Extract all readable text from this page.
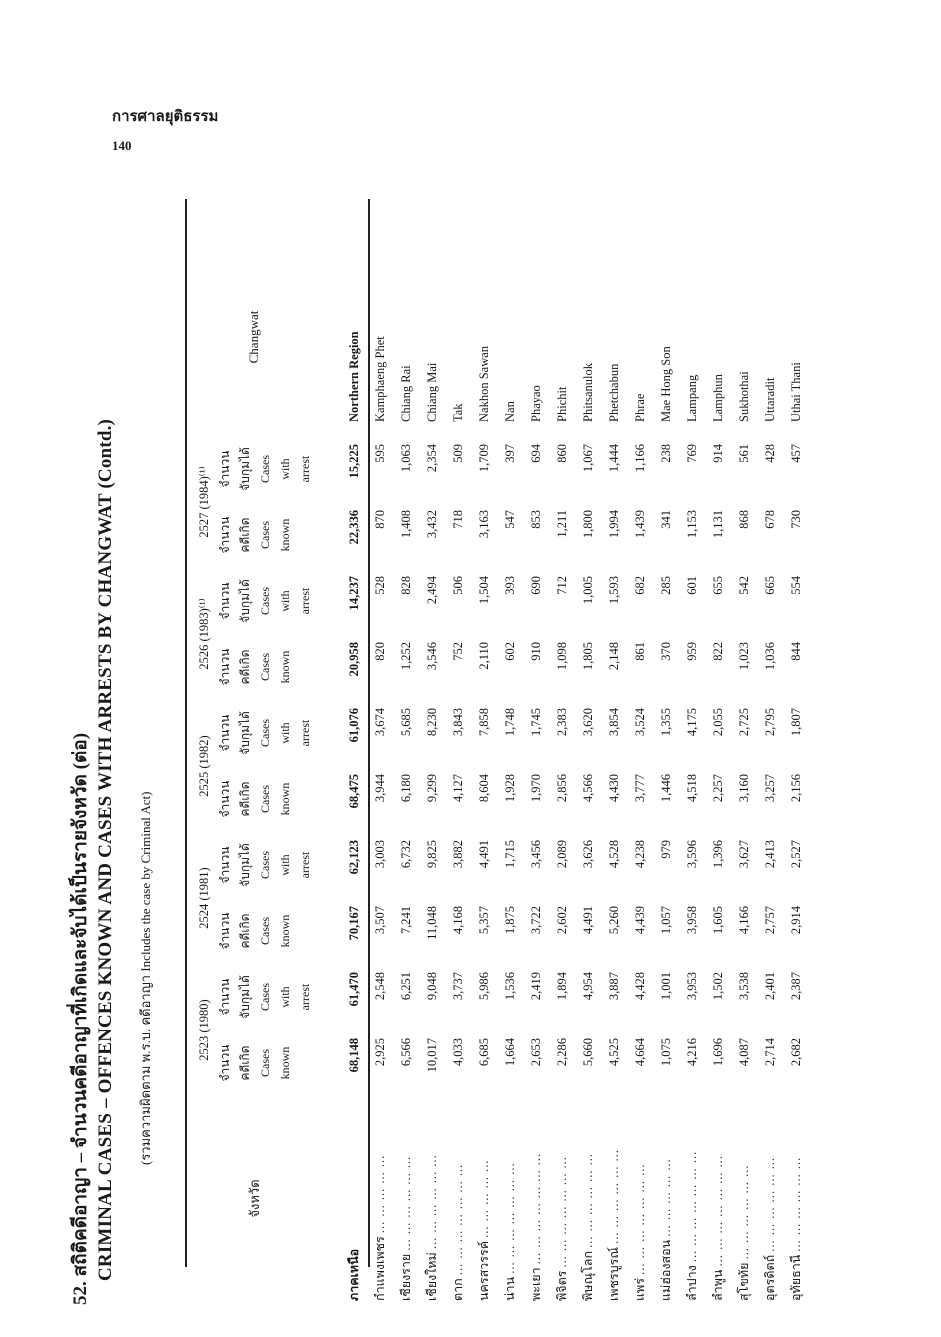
การศาลยุติธรรม
140
52. สถิติคดีอาญา – จำนวนคดีอาญาที่เกิดและจับได้เป็นรายจังหวัด (ต่อ) CRIMINAL CASES – OFFENCES KNOWN AND CASES WITH ARRESTS BY CHANGWAT (Contd.) (รวมความผิดตาม พ.ร.บ. คดีอาญา Includes the case by Criminal Act)
จังหวัด	2523 (1980)		2524 (1981)		2525 (1982)		2526 (1983)⁽¹⁾		2527 (1984)⁽¹⁾		Changwat
	จำนวน	จำนวน	จำนวน	จำนวน	จำนวน	จำนวน	จำนวน	จำนวน	จำนวน	จำนวน	
	คดีเกิด	จับกุมได้	คดีเกิด	จับกุมได้	คดีเกิด	จับกุมได้	คดีเกิด	จับกุมได้	คดีเกิด	จับกุมได้	
	Cases	Cases	Cases	Cases	Cases	Cases	Cases	Cases	Cases	Cases	
	known	with	known	with	known	with	known	with	known	with	
		arrest		arrest		arrest		arrest		arrest	

ภาคเหนือ	68,148	61,470	70,167	62,123	68,475	61,076	20,958	14,237	22,336	15,225	Northern Region
กำแพงเพชร ... ... ... ... ...	2,925	2,548	3,507	3,003	3,944	3,674	820	528	870	595	Kamphaeng Phet
เชียงราย ... ... ... ... ... ...	6,566	6,251	7,241	6,732	6,180	5,685	1,252	828	1,408	1,063	Chiang Rai
เชียงใหม่ ... ... ... ... ... ...	10,017	9,048	11,048	9,825	9,299	8,230	3,546	2,494	3,432	2,354	Chiang Mai
ตาก ... ... ... ... ... ... ...	4,033	3,737	4,168	3,882	4,127	3,843	752	506	718	509	Tak
นครสวรรค์ ... ... ... ... ...	6,685	5,986	5,357	4,491	8,604	7,858	2,110	1,504	3,163	1,709	Nakhon Sawan
น่าน ... ... ... ... ... ... ...	1,664	1,536	1,875	1,715	1,928	1,748	602	393	547	397	Nan
พะเยา ... ... ... ... ... ... ...	2,653	2,419	3,722	3,456	1,970	1,745	910	690	853	694	Phayao
พิจิตร ... ... ... ... ... ... ...	2,286	1,894	2,602	2,089	2,856	2,383	1,098	712	1,211	860	Phichit
พิษณุโลก ... ... ... ... ... ...	5,660	4,954	4,491	3,626	4,566	3,620	1,805	1,005	1,800	1,067	Phitsanulok
เพชรบูรณ์ ... ... ... ... ... ...	4,525	3,887	5,260	4,528	4,430	3,854	2,148	1,593	1,994	1,444	Phetchabun
แพร่ ... ... ... ... ... ... ...	4,664	4,428	4,439	4,238	3,777	3,524	861	682	1,439	1,166	Phrae
แม่ฮ่องสอน ... ... ... ... ...	1,075	1,001	1,057	979	1,446	1,355	370	285	341	238	Mae Hong Son
ลำปาง ... ... ... ... ... ... ...	4,216	3,953	3,958	3,596	4,518	4,175	959	601	1,153	769	Lampang
ลำพูน ... ... ... ... ... ... ...	1,696	1,502	1,605	1,396	2,257	2,055	822	655	1,131	914	Lamphun
สุโขทัย ... ... ... ... ... ...	4,087	3,538	4,166	3,627	3,160	2,725	1,023	542	868	561	Sukhothai
อุตรดิตถ์ ... ... ... ... ... ...	2,714	2,401	2,757	2,413	3,257	2,795	1,036	665	678	428	Uttaradit
อุทัยธานี ... ... ... ... ... ...	2,682	2,387	2,914	2,527	2,156	1,807	844	554	730	457	Uthai Thani
